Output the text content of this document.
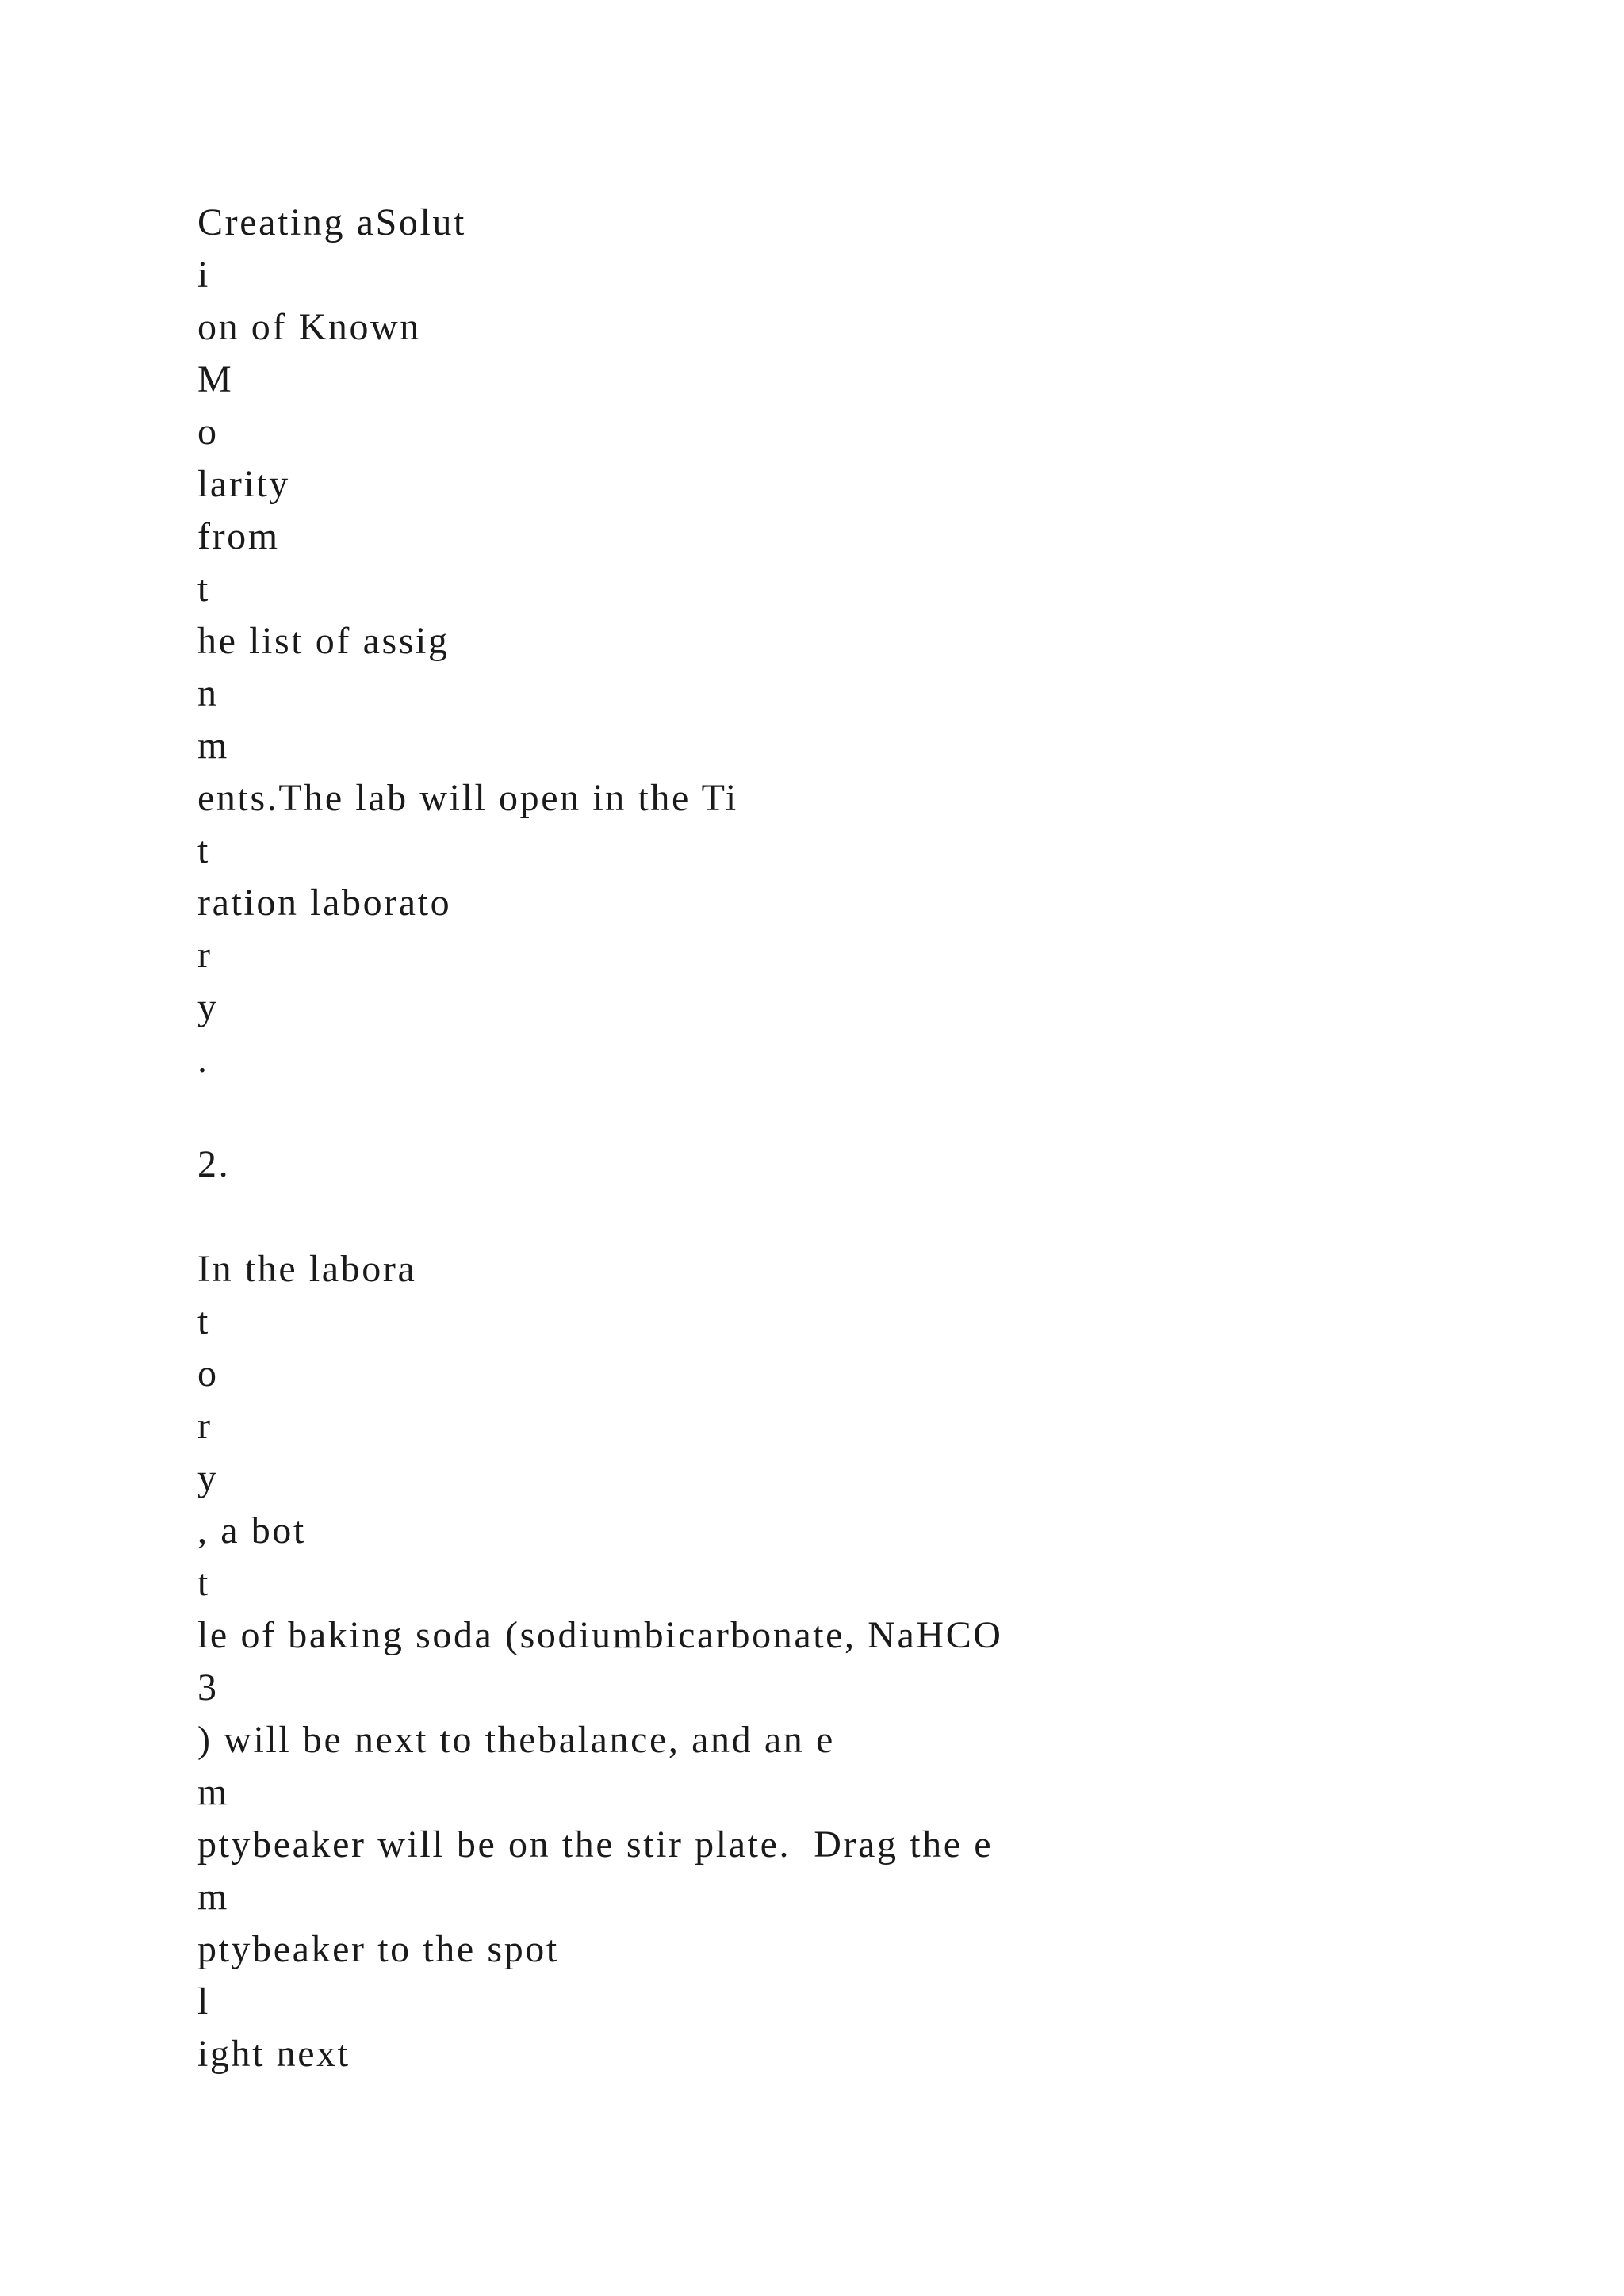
Creating aSolut
i
on of Known
M
o
larity
from
t
he list of assig
n
m
ents.The lab will open in the Ti
t
ration laborato
r
y
.
2.
In the labora
t
o
r
y
, a bot
t
le of baking soda (sodiumbicarbonate, NaHCO
3
) will be next to thebalance, and an e
m
ptybeaker will be on the stir plate.  Drag the e
m
ptybeaker to the spot
l
ight next
